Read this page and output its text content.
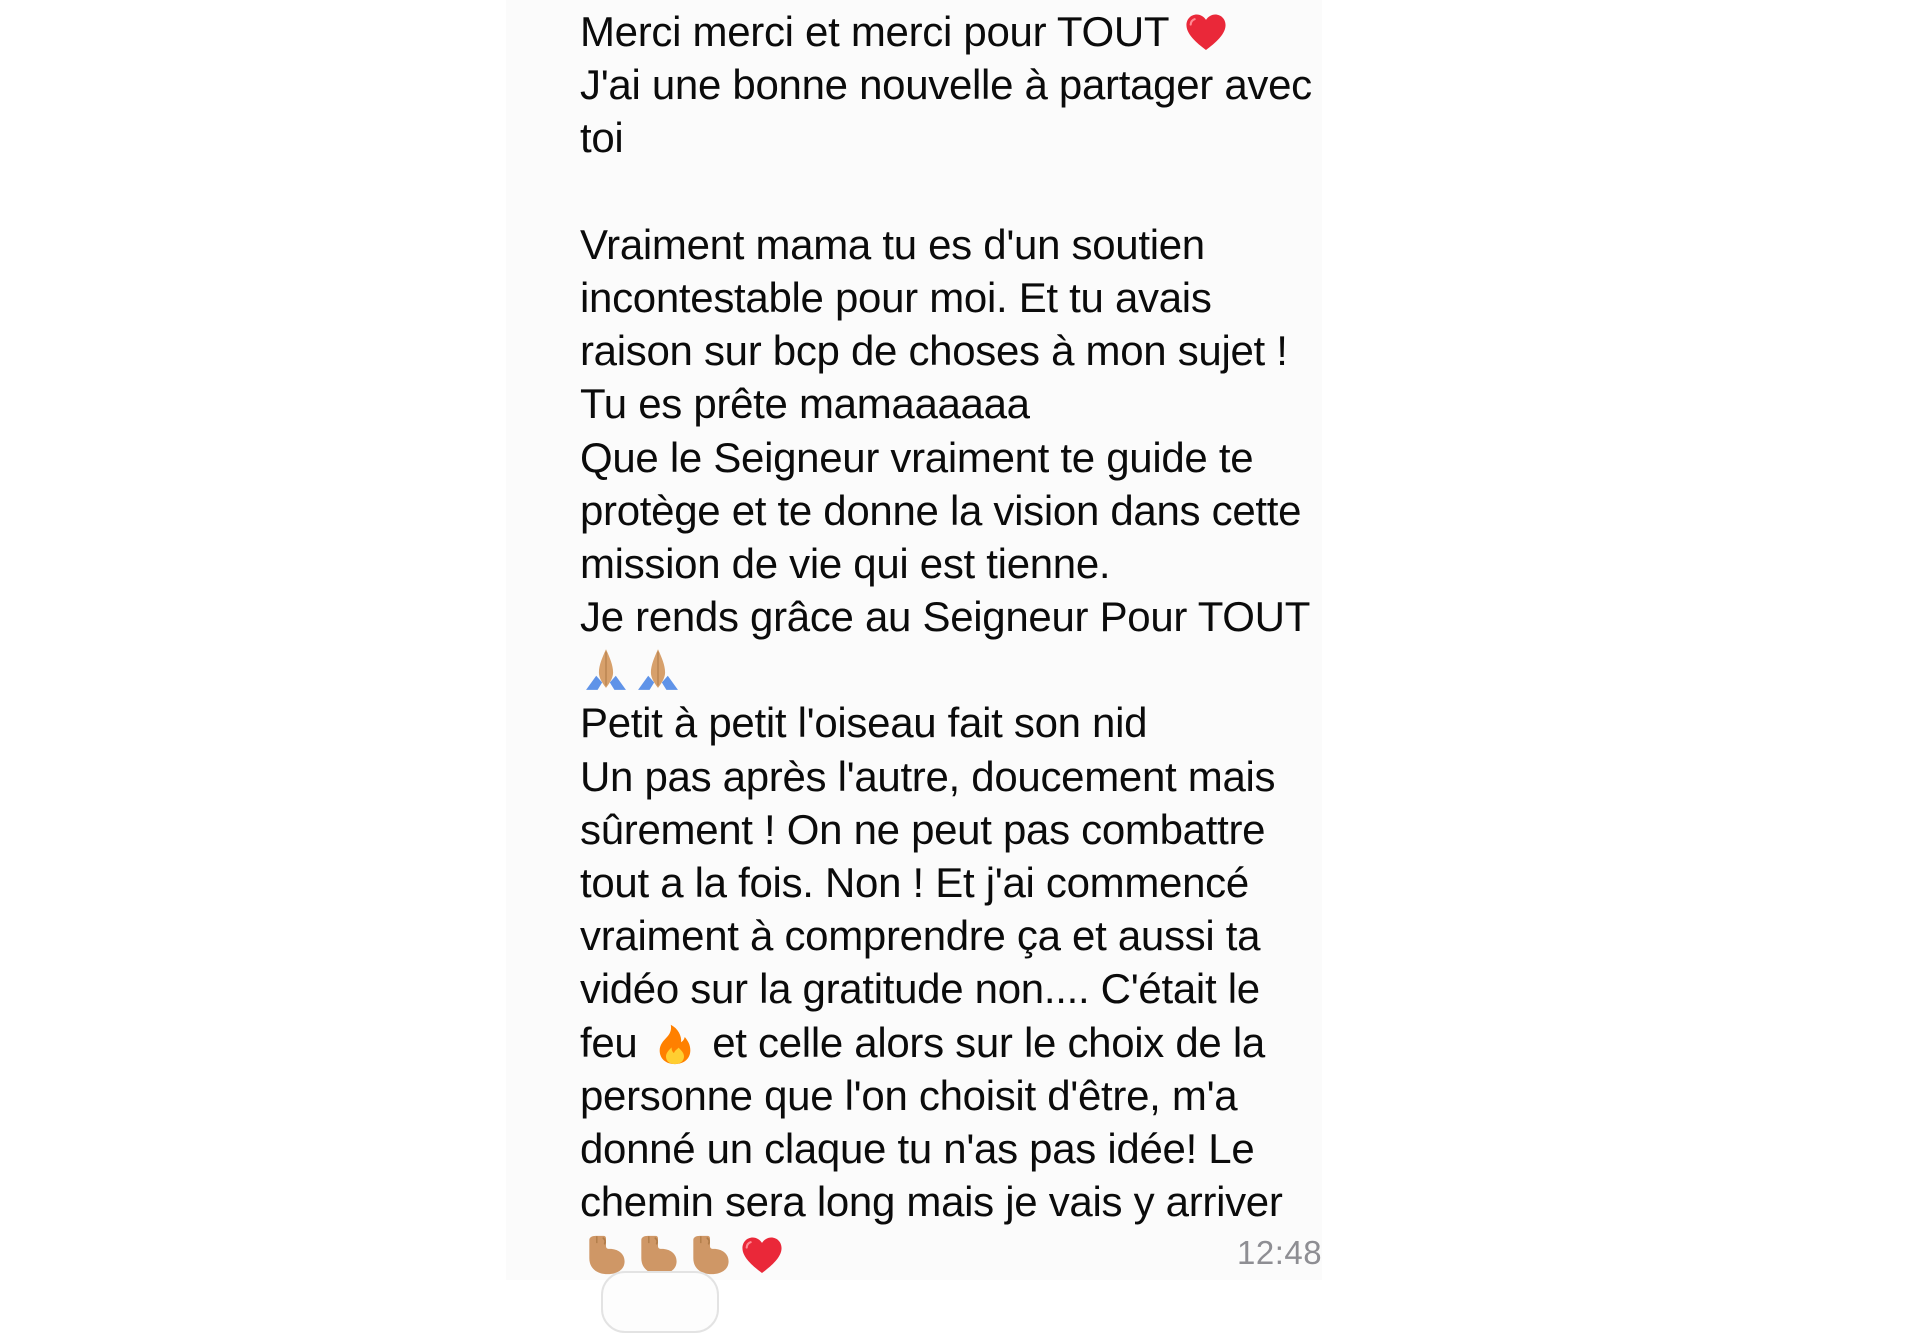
Merci merci et merci pour TOUT
J'ai une bonne nouvelle à partager avec
toi
Vraiment mama tu es d'un soutien
incontestable pour moi. Et tu avais
raison sur bcp de choses à mon sujet !
Tu es prête mamaaaaaa
Que le Seigneur vraiment te guide te
protège et te donne la vision dans cette
mission de vie qui est tienne.
Je rends grâce au Seigneur Pour TOUT
Petit à petit l'oiseau fait son nid
Un pas après l'autre, doucement mais
sûrement ! On ne peut pas combattre
tout a la fois. Non ! Et j'ai commencé
vraiment à comprendre ça et aussi ta
vidéo sur la gratitude non.... C'était le
feu  et celle alors sur le choix de la
personne que l'on choisit d'être, m'a
donné un claque tu n'as pas idée! Le
chemin sera long mais je vais y arriver
12:48
